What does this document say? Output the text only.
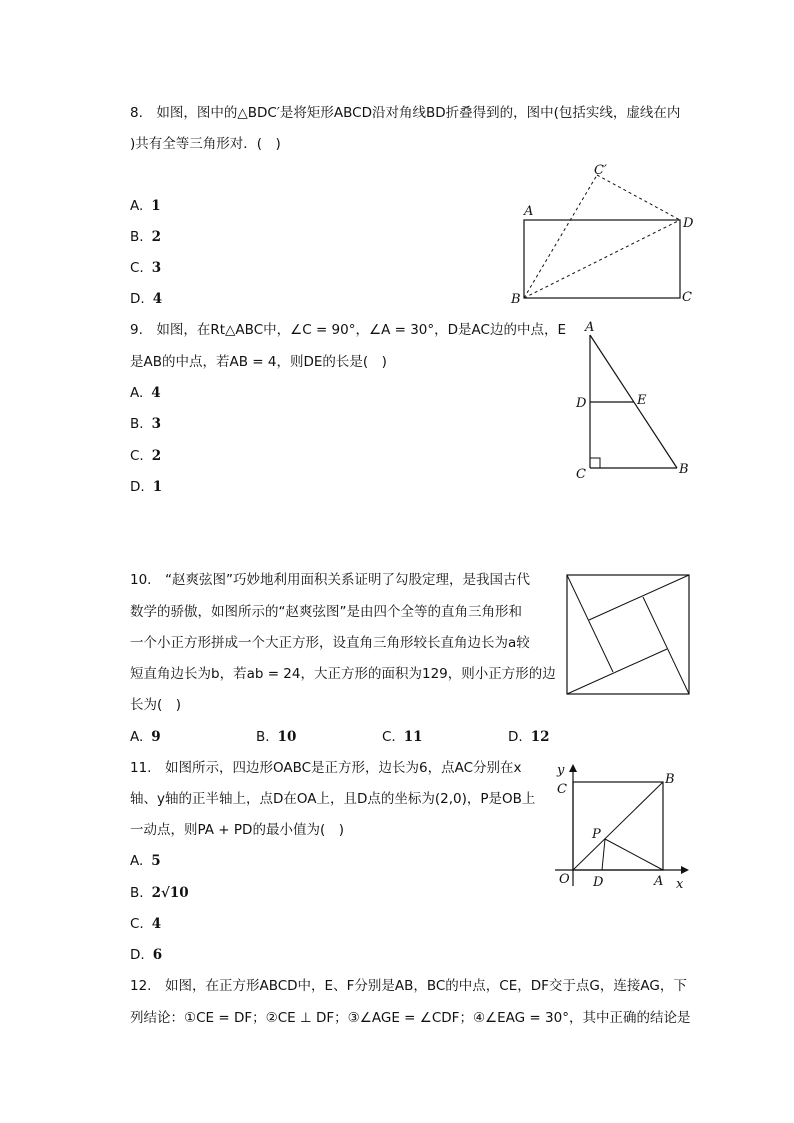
8.　如图，图中的△BDC′是将矩形ABCD沿对角线BD折叠得到的，图中(包括实线，虚线在内
)共有全等三角形对．(　)
A. 1
B. 2
C. 3
D. 4
A
B	C
D
C′
9.　如图，在Rt△ABC中，∠C = 90°，∠A = 30°，D是AC边的中点，E
是AB的中点，若AB = 4，则DE的长是(　)
A. 4
B. 3
C. 2
D. 1
A
C	B
D	E
10.　“赵爽弦图”巧妙地利用面积关系证明了勾股定理，是我国古代
数学的骄傲，如图所示的“赵爽弦图”是由四个全等的直角三角形和
一个小正方形拼成一个大正方形，设直角三角形较长直角边长为a较
短直角边长为b，若ab = 24，大正方形的面积为129，则小正方形的边
长为(　)
A. 9	B. 10	C. 11	D. 12
11.　如图所示，四边形OABC是正方形，边长为6，点AC分别在x
轴、y轴的正半轴上，点D在OA上，且D点的坐标为(2,0)，P是OB上
一动点，则PA + PD的最小值为(　)
A. 5
B. 2√10
C. 4
D. 6
y
x
O
C
B
A
D
P
12.　如图，在正方形ABCD中，E、F分别是AB，BC的中点，CE，DF交于点G，连接AG，下
列结论：①CE = DF；②CE ⊥ DF；③∠AGE = ∠CDF；④∠EAG = 30°，其中正确的结论是
